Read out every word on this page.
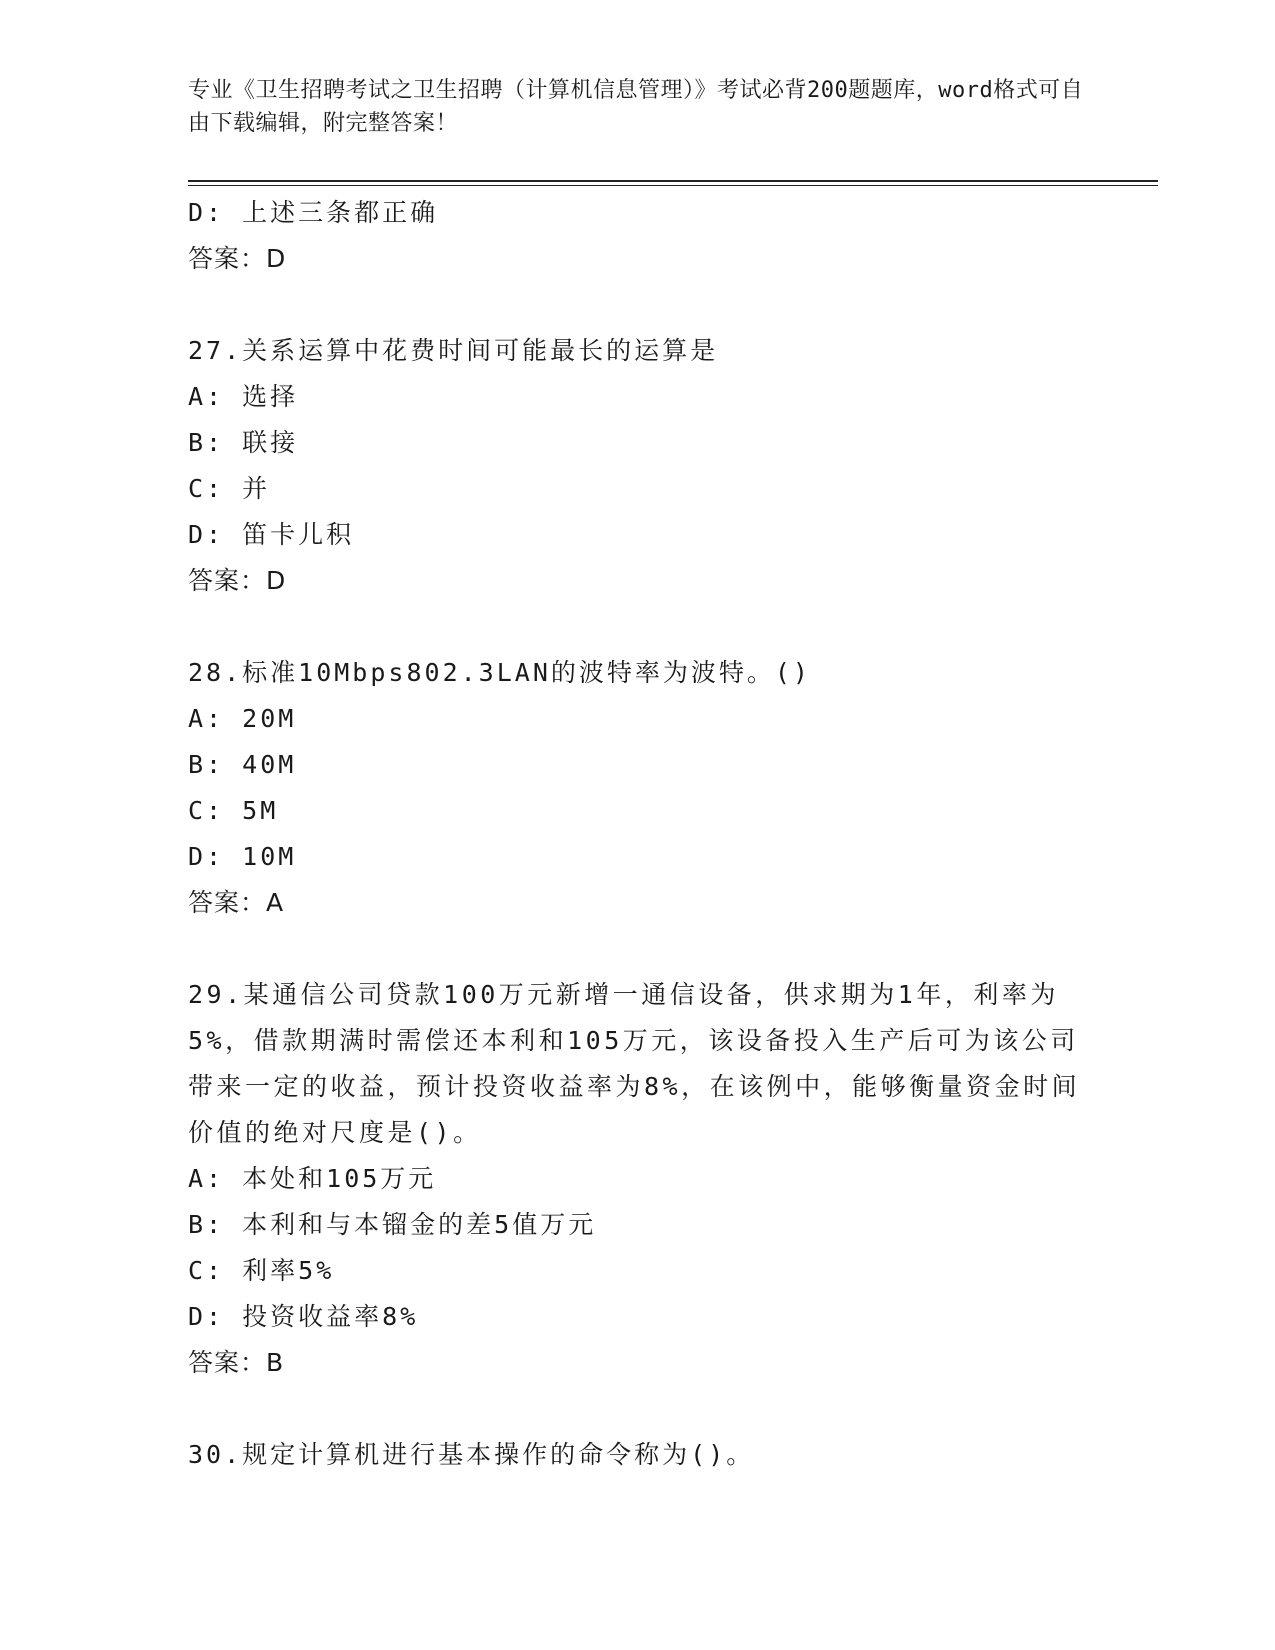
专业《卫生招聘考试之卫生招聘（计算机信息管理）》考试必背200题题库，word格式可自由下载编辑，附完整答案！
D: 上述三条都正确
答案：D
27.关系运算中花费时间可能最长的运算是
A: 选择
B: 联接
C: 并
D: 笛卡儿积
答案：D
28.标准10Mbps802.3LAN的波特率为波特。()
A: 20M
B: 40M
C: 5M
D: 10M
答案：A
29.某通信公司贷款100万元新增一通信设备，供求期为1年，利率为5%，借款期满时需偿还本利和105万元，该设备投入生产后可为该公司带来一定的收益，预计投资收益率为8%，在该例中，能够衡量资金时间价值的绝对尺度是()。
A: 本处和105万元
B: 本利和与本镏金的差5值万元
C: 利率5%
D: 投资收益率8%
答案：B
30.规定计算机进行基本操作的命令称为()。
